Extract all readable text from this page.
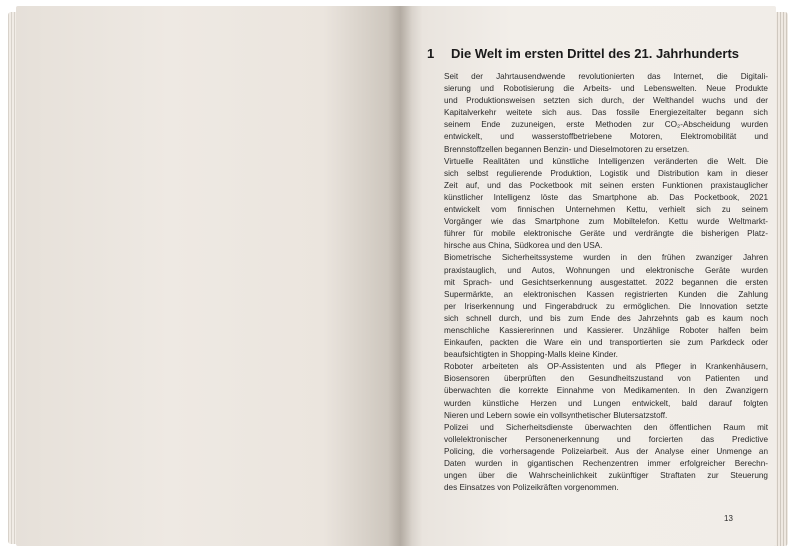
1 Die Welt im ersten Drittel des 21. Jahrhunderts
Seit der Jahrtausendwende revolutionierten das Internet, die Digitali-
sierung und Robotisierung die Arbeits- und Lebenswelten. Neue Produkte
und Produktionsweisen setzten sich durch, der Welthandel wuchs und der
Kapitalverkehr weitete sich aus. Das fossile Energiezeitalter begann sich
seinem Ende zuzuneigen, erste Methoden zur CO₂-Abscheidung wurden
entwickelt, und wasserstoffbetriebene Motoren, Elektromobilität und
Brennstoffzellen begannen Benzin- und Dieselmotoren zu ersetzen.
Virtuelle Realitäten und künstliche Intelligenzen veränderten die Welt. Die
sich selbst regulierende Produktion, Logistik und Distribution kam in dieser
Zeit auf, und das Pocketbook mit seinen ersten Funktionen praxistauglicher
künstlicher Intelligenz löste das Smartphone ab. Das Pocketbook, 2021
entwickelt vom finnischen Unternehmen Kettu, verhielt sich zu seinem
Vorgänger wie das Smartphone zum Mobiltelefon. Kettu wurde Weltmarkt-
führer für mobile elektronische Geräte und verdrängte die bisherigen Platz-
hirsche aus China, Südkorea und den USA.
Biometrische Sicherheitssysteme wurden in den frühen zwanziger Jahren
praxistauglich, und Autos, Wohnungen und elektronische Geräte wurden
mit Sprach- und Gesichtserkennung ausgestattet. 2022 begannen die ersten
Supermärkte, an elektronischen Kassen registrierten Kunden die Zahlung
per Iriserkennung und Fingerabdruck zu ermöglichen. Die Innovation setzte
sich schnell durch, und bis zum Ende des Jahrzehnts gab es kaum noch
menschliche Kassiererinnen und Kassierer. Unzählige Roboter halfen beim
Einkaufen, packten die Ware ein und transportierten sie zum Parkdeck oder
beaufsichtigten in Shopping-Malls kleine Kinder.
Roboter arbeiteten als OP-Assistenten und als Pfleger in Krankenhäusern,
Biosensoren überprüften den Gesundheitszustand von Patienten und
überwachten die korrekte Einnahme von Medikamenten. In den Zwanzigern
wurden künstliche Herzen und Lungen entwickelt, bald darauf folgten
Nieren und Lebern sowie ein vollsynthetischer Blutersatzstoff.
Polizei und Sicherheitsdienste überwachten den öffentlichen Raum mit
vollelektronischer Personenerkennung und forcierten das Predictive
Policing, die vorhersagende Polizeiarbeit. Aus der Analyse einer Unmenge an
Daten wurden in gigantischen Rechenzentren immer erfolgreicher Berechn-
ungen über die Wahrscheinlichkeit zukünftiger Straftaten zur Steuerung
des Einsatzes von Polizeikräften vorgenommen.
13
